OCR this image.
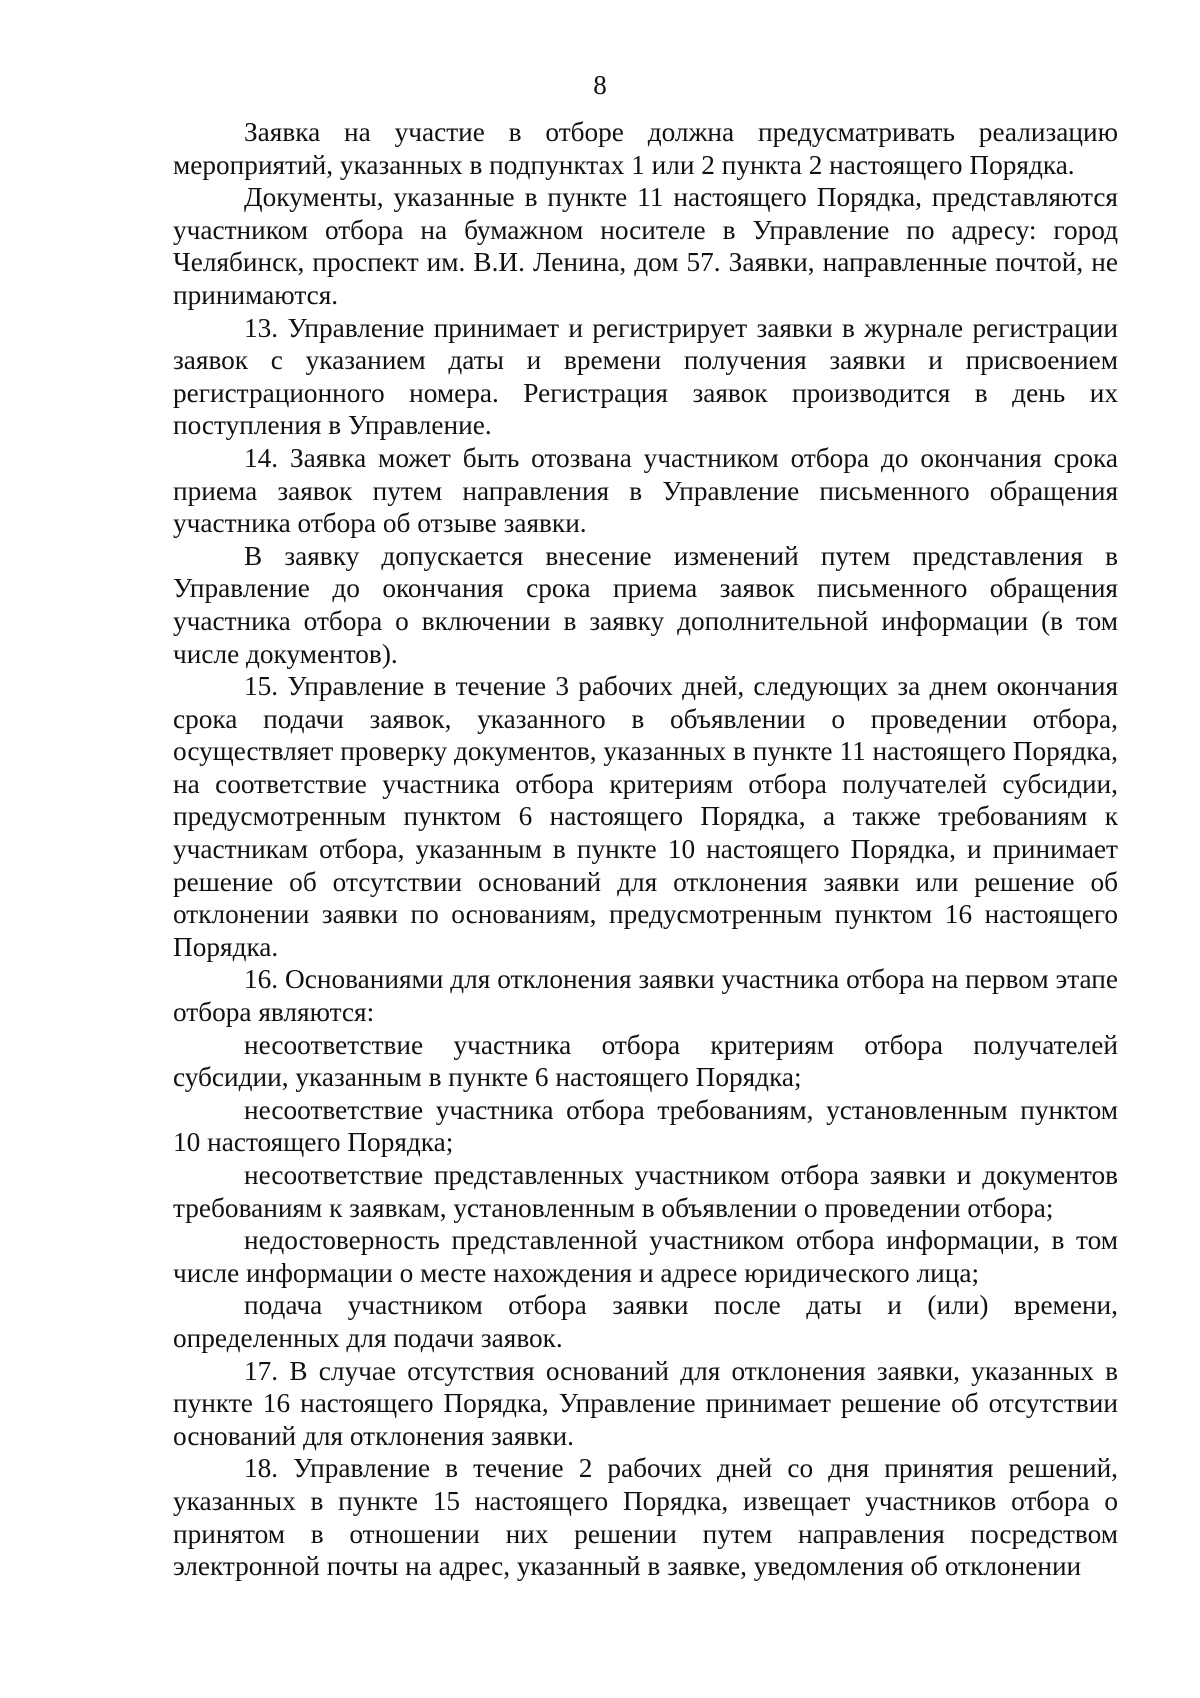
8

Заявка на участие в отборе должна предусматривать реализацию мероприятий, указанных в подпунктах 1 или 2 пункта 2 настоящего Порядка.

Документы, указанные в пункте 11 настоящего Порядка, представляются участником отбора на бумажном носителе в Управление по адресу: город Челябинск, проспект им. В.И. Ленина, дом 57. Заявки, направленные почтой, не принимаются.

13. Управление принимает и регистрирует заявки в журнале регистрации заявок с указанием даты и времени получения заявки и присвоением регистрационного номера. Регистрация заявок производится в день их поступления в Управление.

14. Заявка может быть отозвана участником отбора до окончания срока приема заявок путем направления в Управление письменного обращения участника отбора об отзыве заявки.

В заявку допускается внесение изменений путем представления в Управление до окончания срока приема заявок письменного обращения участника отбора о включении в заявку дополнительной информации (в том числе документов).

15. Управление в течение 3 рабочих дней, следующих за днем окончания срока подачи заявок, указанного в объявлении о проведении отбора, осуществляет проверку документов, указанных в пункте 11 настоящего Порядка, на соответствие участника отбора критериям отбора получателей субсидии, предусмотренным пунктом 6 настоящего Порядка, а также требованиям к участникам отбора, указанным в пункте 10 настоящего Порядка, и принимает решение об отсутствии оснований для отклонения заявки или решение об отклонении заявки по основаниям, предусмотренным пунктом 16 настоящего Порядка.

16. Основаниями для отклонения заявки участника отбора на первом этапе отбора являются:

несоответствие участника отбора критериям отбора получателей субсидии, указанным в пункте 6 настоящего Порядка;

несоответствие участника отбора требованиям, установленным пунктом 10 настоящего Порядка;

несоответствие представленных участником отбора заявки и документов требованиям к заявкам, установленным в объявлении о проведении отбора;

недостоверность представленной участником отбора информации, в том числе информации о месте нахождения и адресе юридического лица;

подача участником отбора заявки после даты и (или) времени, определенных для подачи заявок.

17. В случае отсутствия оснований для отклонения заявки, указанных в пункте 16 настоящего Порядка, Управление принимает решение об отсутствии оснований для отклонения заявки.

18. Управление в течение 2 рабочих дней со дня принятия решений, указанных в пункте 15 настоящего Порядка, извещает участников отбора о принятом в отношении них решении путем направления посредством электронной почты на адрес, указанный в заявке, уведомления об отклонении
